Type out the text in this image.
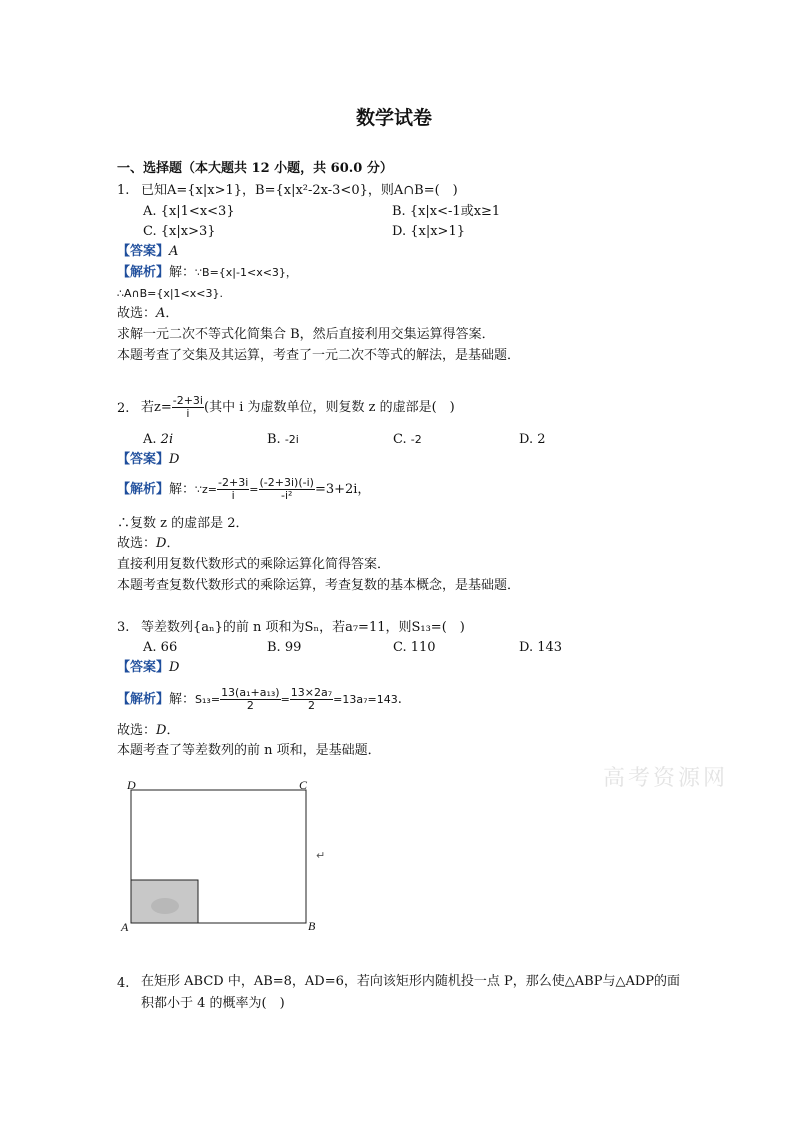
数学试卷
一、选择题（本大题共 12 小题，共 60.0 分）
1. 已知A={x|x>1}，B={x|x²-2x-3<0}，则A∩B=(　)
A. {x|1<x<3}	B. {x|x<-1或x≥1
C. {x|x>3}	D. {x|x>1}
【答案】A
【解析】解：∵B={x|-1<x<3}，
∴A∩B={x|1<x<3}.
故选：A．
求解一元二次不等式化简集合 B，然后直接利用交集运算得答案．
本题考查了交集及其运算，考查了一元二次不等式的解法，是基础题．
2. 若$z= \frac{-2+3i}{i}$ (其中 i 为虚数单位，则复数 z 的虚部是(　)
A. 2i	B. -2i	C. -2	D. 2
【答案】D
【解析】解：∵z= $\frac{-2+3i}{i} = \frac{(-2+3i)(-i)}{\text{-i²}} =3+2i$，
∴复数 z 的虚部是 2．
故选：D．
直接利用复数代数形式的乘除运算化简得答案．
本题考查复数代数形式的乘除运算，考查复数的基本概念，是基础题．
3. 等差数列{aₙ}的前 n 项和为Sₙ，若a₇=11，则S₁₃=(　)
A. 66	B. 99	C. 110	D. 143
【答案】D
【解析】解：$S_{13}= \frac{\text{13(a₁+a₁₃)}}{2} = \frac{\text{13×2a₇}}{2} =13a_7=143$.
故选：D．
本题考查了等差数列的前 n 项和，是基础题．
高考资源网
D	C
A	B
↵
4. 在矩形 ABCD 中，AB=8，AD=6，若向该矩形内随机投一点 P，那么使△ABP与△ADP的面
积都小于 4 的概率为(　)
